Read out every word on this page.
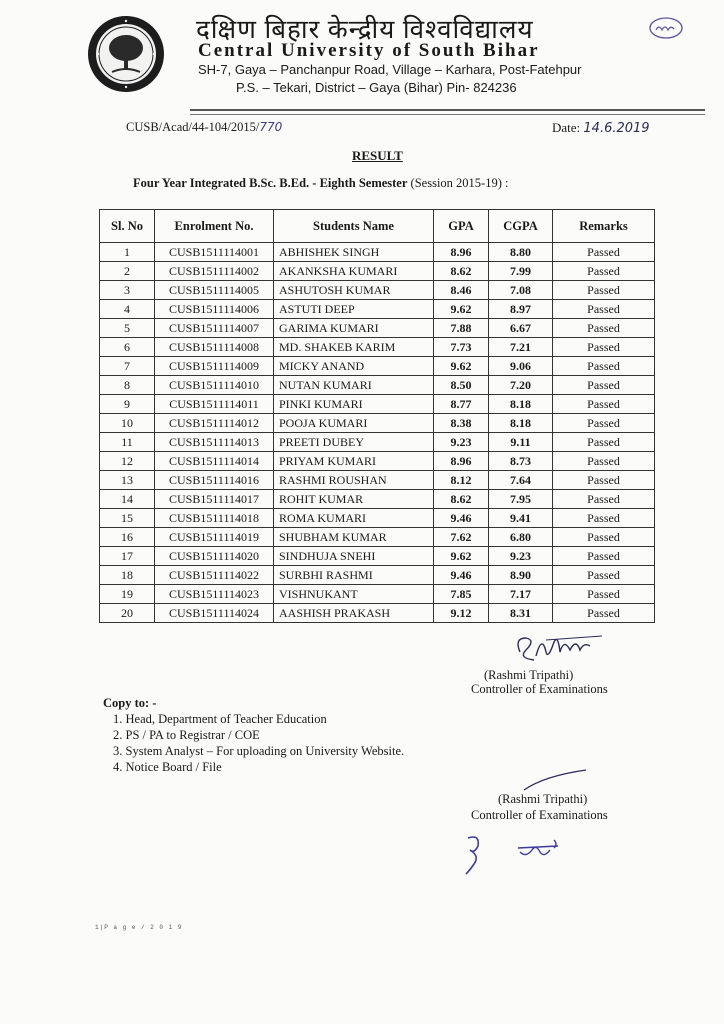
दक्षिण बिहार केन्द्रीय विश्वविद्यालय
Central University of South Bihar
SH-7, Gaya – Panchanpur Road, Village – Karhara, Post-Fatehpur
P.S. – Tekari, District – Gaya (Bihar) Pin- 824236
CUSB/Acad/44-104/2015/770	Date: 14.6.2019
RESULT
Four Year Integrated B.Sc. B.Ed. - Eighth Semester (Session 2015-19) :
Sl. No	Enrolment No.	Students Name	GPA	CGPA	Remarks
1	CUSB1511114001	ABHISHEK SINGH	8.96	8.80	Passed
2	CUSB1511114002	AKANKSHA KUMARI	8.62	7.99	Passed
3	CUSB1511114005	ASHUTOSH KUMAR	8.46	7.08	Passed
4	CUSB1511114006	ASTUTI DEEP	9.62	8.97	Passed
5	CUSB1511114007	GARIMA KUMARI	7.88	6.67	Passed
6	CUSB1511114008	MD. SHAKEB KARIM	7.73	7.21	Passed
7	CUSB1511114009	MICKY ANAND	9.62	9.06	Passed
8	CUSB1511114010	NUTAN KUMARI	8.50	7.20	Passed
9	CUSB1511114011	PINKI KUMARI	8.77	8.18	Passed
10	CUSB1511114012	POOJA KUMARI	8.38	8.18	Passed
11	CUSB1511114013	PREETI DUBEY	9.23	9.11	Passed
12	CUSB1511114014	PRIYAM KUMARI	8.96	8.73	Passed
13	CUSB1511114016	RASHMI ROUSHAN	8.12	7.64	Passed
14	CUSB1511114017	ROHIT KUMAR	8.62	7.95	Passed
15	CUSB1511114018	ROMA KUMARI	9.46	9.41	Passed
16	CUSB1511114019	SHUBHAM KUMAR	7.62	6.80	Passed
17	CUSB1511114020	SINDHUJA SNEHI	9.62	9.23	Passed
18	CUSB1511114022	SURBHI RASHMI	9.46	8.90	Passed
19	CUSB1511114023	VISHNUKANT	7.85	7.17	Passed
20	CUSB1511114024	AASHISH PRAKASH	9.12	8.31	Passed
(Rashmi Tripathi)
Controller of Examinations
Copy to: -
1. Head, Department of Teacher Education
2. PS / PA to Registrar / COE
3. System Analyst – For uploading on University Website.
4. Notice Board / File
(Rashmi Tripathi)
Controller of Examinations
1|P a g e / 2 0 1 9
